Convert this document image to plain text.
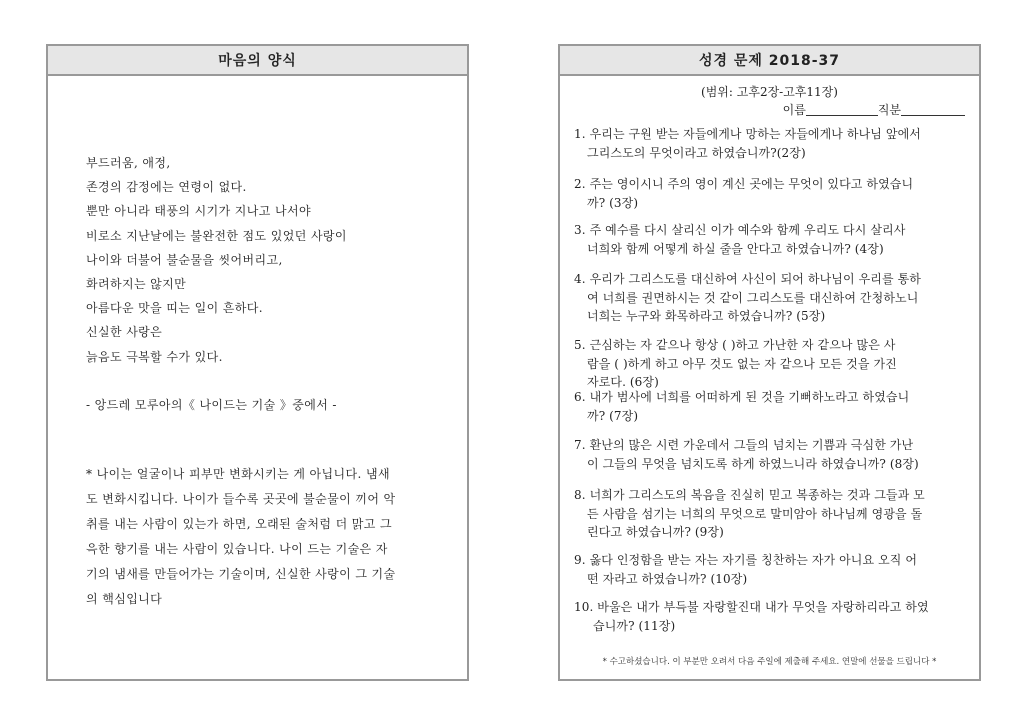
마음의 양식
부드러움, 애정,
존경의 감정에는 연령이 없다.
뿐만 아니라 태풍의 시기가 지나고 나서야
비로소 지난날에는 불완전한 점도 있었던 사랑이
나이와 더불어 불순물을 씻어버리고,
화려하지는 않지만
아름다운 맛을 띠는 일이 흔하다.
신실한 사랑은
늙음도 극복할 수가 있다.
- 앙드레 모루아의《 나이드는 기술 》중에서 -
* 나이는 얼굴이나 피부만 변화시키는 게 아닙니다. 냄새
도 변화시킵니다. 나이가 들수록 곳곳에 불순물이 끼어 악
취를 내는 사람이 있는가 하면, 오래된 술처럼 더 맑고 그
윽한 향기를 내는 사람이 있습니다. 나이 드는 기술은 자
기의 냄새를 만들어가는 기술이며, 신실한 사랑이 그 기술
의 핵심입니다
성경 문제 2018-37
(범위: 고후2장-고후11장)
이름	직분
1. 우리는 구원 받는 자들에게나 망하는 자들에게나 하나님 앞에서
그리스도의 무엇이라고 하였습니까?(2장)
2. 주는 영이시니 주의 영이 계신 곳에는 무엇이 있다고 하였습니
까? (3장)
3. 주 예수를 다시 살리신 이가 예수와 함께 우리도 다시 살리사
너희와 함께 어떻게 하실 줄을 안다고 하였습니까? (4장)
4. 우리가 그리스도를 대신하여 사신이 되어 하나님이 우리를 통하
여 너희를 권면하시는 것 같이 그리스도를 대신하여 간청하노니
너희는 누구와 화목하라고 하였습니까? (5장)
5. 근심하는 자 같으나 항상 ( )하고 가난한 자 같으나 많은 사
람을 ( )하게 하고 아무 것도 없는 자 같으나 모든 것을 가진
자로다. (6장)
6. 내가 범사에 너희를 어떠하게 된 것을 기뻐하노라고 하였습니
까? (7장)
7. 환난의 많은 시련 가운데서 그들의 넘치는 기쁨과 극심한 가난
이 그들의 무엇을 넘치도록 하게 하였느니라 하였습니까? (8장)
8. 너희가 그리스도의 복음을 진실히 믿고 복종하는 것과 그들과 모
든 사람을 섬기는 너희의 무엇으로 말미암아 하나님께 영광을 돌
린다고 하였습니까? (9장)
9. 옳다 인정함을 받는 자는 자기를 칭찬하는 자가 아니요 오직 어
떤 자라고 하였습니까? (10장)
10. 바울은 내가 부득불 자랑할진대 내가 무엇을 자랑하리라고 하였
습니까? (11장)
* 수고하셨습니다. 이 부분만 오려서 다음 주일에 제출해 주세요. 연말에 선물을 드립니다 *
